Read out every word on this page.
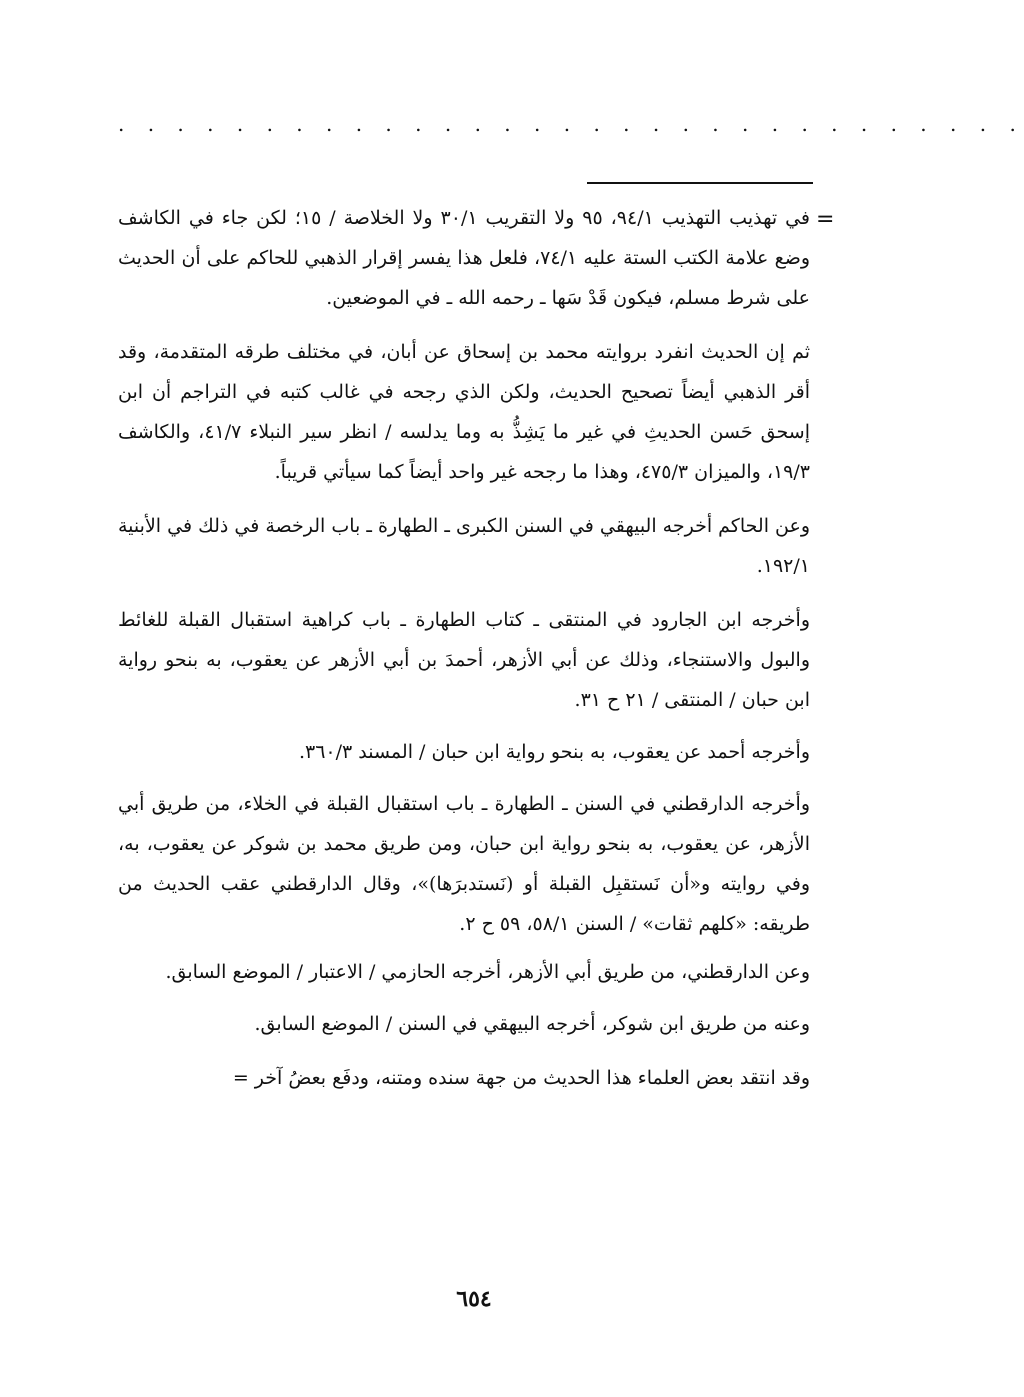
. . . . . . . . . . . . . . . . . . . . . . . . . . . . . . .
=

في تهذيب التهذيب ٩٤/١، ٩٥ ولا التقريب ٣٠/١ ولا الخلاصة / ١٥؛ لكن جاء في الكاشف وضع علامة الكتب الستة عليه ٧٤/١، فلعل هذا يفسر إقرار الذهبي للحاكم على أن الحديث على شرط مسلم، فيكون قَدْ سَها ـ رحمه الله ـ في الموضعين.

ثم إن الحديث انفرد بروايته محمد بن إسحاق عن أبان، في مختلف طرقه المتقدمة، وقد أقر الذهبي أيضاً تصحيح الحديث، ولكن الذي رجحه في غالب كتبه في التراجم أن ابن إسحق حَسن الحديثِ في غير ما يَشِذُّ به وما يدلسه / انظر سير النبلاء ٤١/٧، والكاشف ١٩/٣، والميزان ٤٧٥/٣، وهذا ما رجحه غير واحد أيضاً كما سيأتي قريباً.

وعن الحاكم أخرجه البيهقي في السنن الكبرى ـ الطهارة ـ باب الرخصة في ذلك في الأبنية ١٩٢/١.

وأخرجه ابن الجارود في المنتقى ـ كتاب الطهارة ـ باب كراهية استقبال القبلة للغائط والبول والاستنجاء، وذلك عن أبي الأزهر، أحمدَ بن أبي الأزهر عن يعقوب، به بنحو رواية ابن حبان / المنتقى / ٢١ ح ٣١.

وأخرجه أحمد عن يعقوب، به بنحو رواية ابن حبان / المسند ٣٦٠/٣.

وأخرجه الدارقطني في السنن ـ الطهارة ـ باب استقبال القبلة في الخلاء، من طريق أبي الأزهر، عن يعقوب، به بنحو رواية ابن حبان، ومن طريق محمد بن شوكر عن يعقوب، به، وفي روايته و«أن نَستقبِل القبلة أو (نَستدبرَها)»، وقال الدارقطني عقب الحديث من طريقه: «كلهم ثقات» / السنن ٥٨/١، ٥٩ ح ٢.

وعن الدارقطني، من طريق أبي الأزهر، أخرجه الحازمي / الاعتبار / الموضع السابق.

وعنه من طريق ابن شوكر، أخرجه البيهقي في السنن / الموضع السابق.

وقد انتقد بعض العلماء هذا الحديث من جهة سنده ومتنه، ودفَع بعضُ آخر =

٦٥٤
